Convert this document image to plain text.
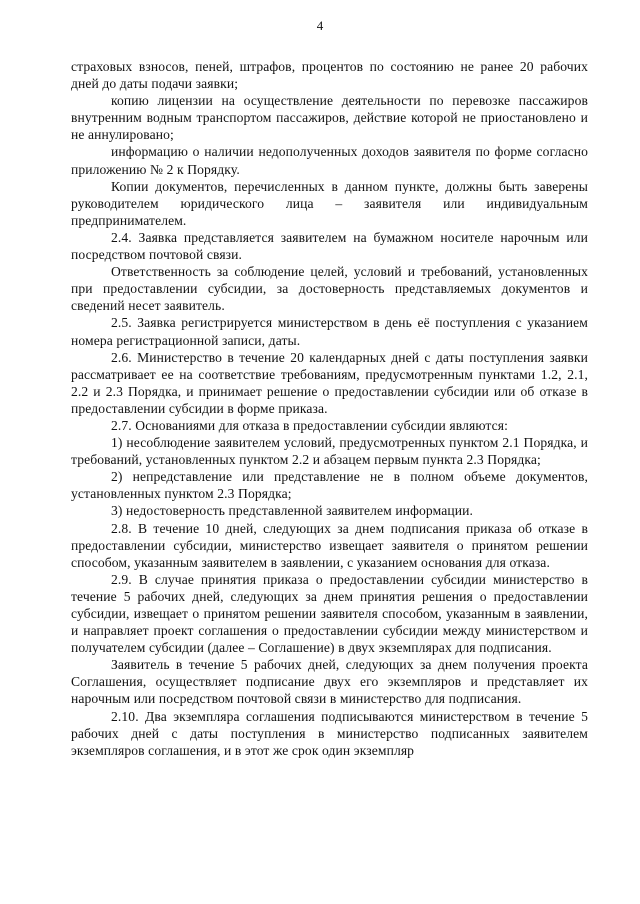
4

страховых взносов, пеней, штрафов, процентов по состоянию не ранее 20 рабочих дней до даты подачи заявки;

копию лицензии на осуществление деятельности по перевозке пассажиров внутренним водным транспортом пассажиров, действие которой не приостановлено и не аннулировано;

информацию о наличии недополученных доходов заявителя по форме согласно приложению № 2 к Порядку.

Копии документов, перечисленных в данном пункте, должны быть заверены руководителем юридического лица – заявителя или индивидуальным предпринимателем.

2.4. Заявка представляется заявителем на бумажном носителе нарочным или посредством почтовой связи.

Ответственность за соблюдение целей, условий и требований, установленных при предоставлении субсидии, за достоверность представляемых документов и сведений несет заявитель.

2.5. Заявка регистрируется министерством в день её поступления с указанием номера регистрационной записи, даты.

2.6. Министерство в течение 20 календарных дней с даты поступления заявки рассматривает ее на соответствие требованиям, предусмотренным пунктами 1.2, 2.1, 2.2 и 2.3 Порядка, и принимает решение о предоставлении субсидии или об отказе в предоставлении субсидии в форме приказа.

2.7. Основаниями для отказа в предоставлении субсидии являются:

1) несоблюдение заявителем условий, предусмотренных пунктом 2.1 Порядка, и требований, установленных пунктом 2.2 и абзацем первым пункта 2.3 Порядка;

2) непредставление или представление не в полном объеме документов, установленных пунктом 2.3 Порядка;

3) недостоверность представленной заявителем информации.

2.8. В течение 10 дней, следующих за днем подписания приказа об отказе в предоставлении субсидии, министерство извещает заявителя о принятом решении способом, указанным заявителем в заявлении, с указанием основания для отказа.

2.9. В случае принятия приказа о предоставлении субсидии министерство в течение 5 рабочих дней, следующих за днем принятия решения о предоставлении субсидии, извещает о принятом решении заявителя способом, указанным в заявлении, и направляет проект соглашения о предоставлении субсидии между министерством и получателем субсидии (далее – Соглашение) в двух экземплярах для подписания.

Заявитель в течение 5 рабочих дней, следующих за днем получения проекта Соглашения, осуществляет подписание двух его экземпляров и представляет их нарочным или посредством почтовой связи в министерство для подписания.

2.10. Два экземпляра соглашения подписываются министерством в течение 5 рабочих дней с даты поступления в министерство подписанных заявителем экземпляров соглашения, и в этот же срок один экземпляр
